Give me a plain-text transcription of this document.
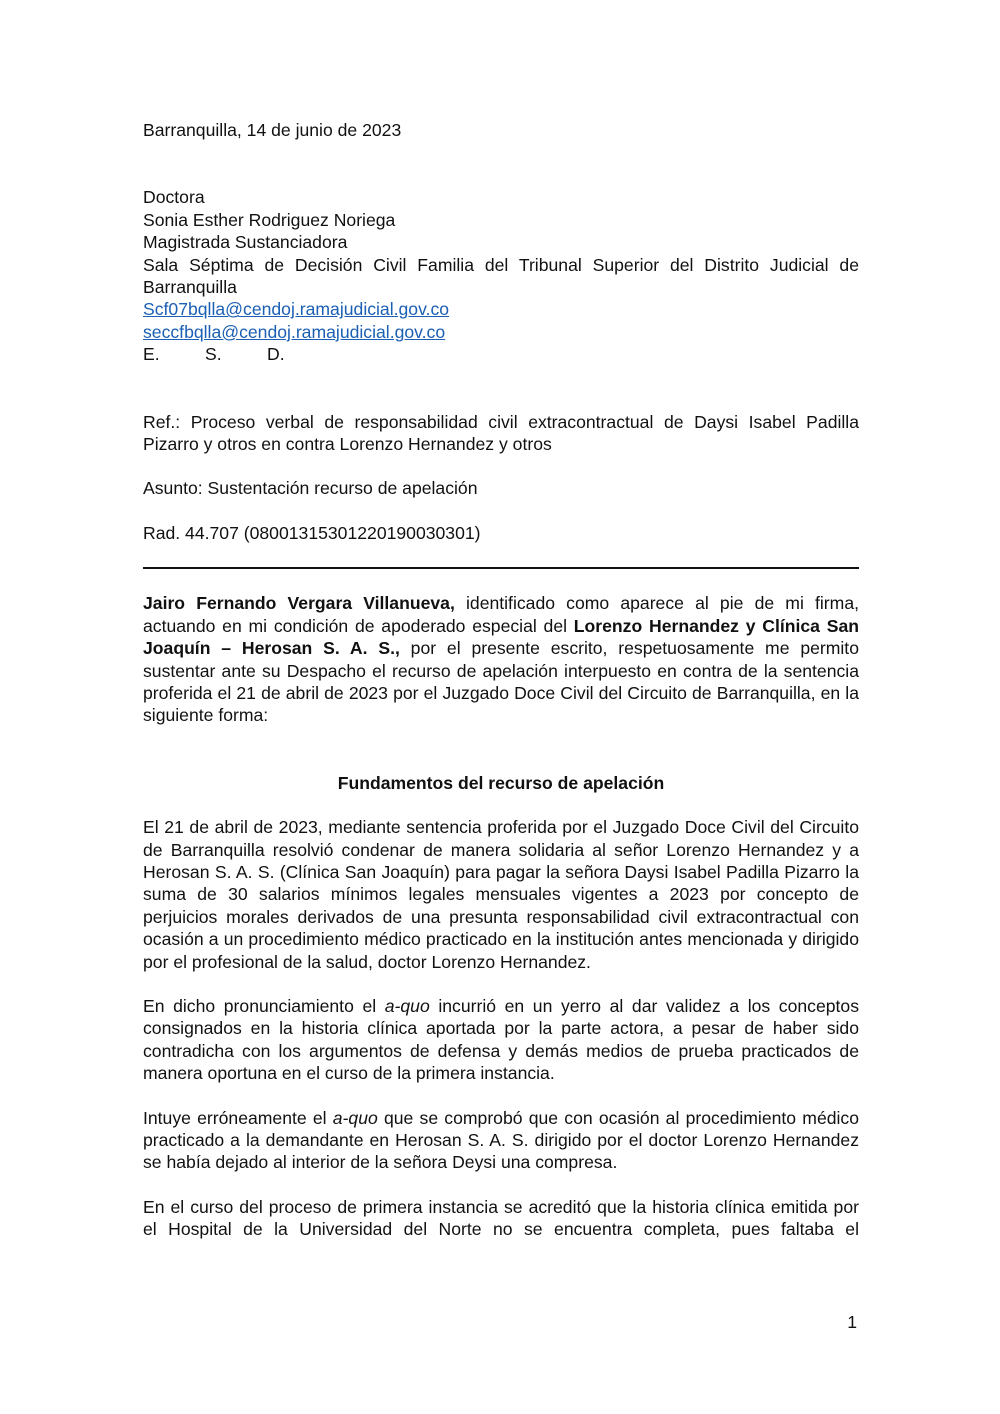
Barranquilla, 14 de junio de 2023
Doctora
Sonia Esther Rodriguez Noriega
Magistrada Sustanciadora
Sala Séptima de Decisión Civil Familia del Tribunal Superior del Distrito Judicial de Barranquilla
Scf07bqlla@cendoj.ramajudicial.gov.co
seccfbqlla@cendoj.ramajudicial.gov.co
E.	S.	D.
Ref.: Proceso verbal de responsabilidad civil extracontractual de Daysi Isabel Padilla Pizarro y otros en contra Lorenzo Hernandez y otros
Asunto: Sustentación recurso de apelación
Rad. 44.707 (08001315301220190030301)
Jairo Fernando Vergara Villanueva, identificado como aparece al pie de mi firma, actuando en mi condición de apoderado especial del Lorenzo Hernandez y Clínica San Joaquín – Herosan S. A. S., por el presente escrito, respetuosamente me permito sustentar ante su Despacho el recurso de apelación interpuesto en contra de la sentencia proferida el 21 de abril de 2023 por el Juzgado Doce Civil del Circuito de Barranquilla, en la siguiente forma:
Fundamentos del recurso de apelación
El 21 de abril de 2023, mediante sentencia proferida por el Juzgado Doce Civil del Circuito de Barranquilla resolvió condenar de manera solidaria al señor Lorenzo Hernandez y a Herosan S. A. S. (Clínica San Joaquín) para pagar la señora Daysi Isabel Padilla Pizarro la suma de 30 salarios mínimos legales mensuales vigentes a 2023 por concepto de perjuicios morales derivados de una presunta responsabilidad civil extracontractual con ocasión a un procedimiento médico practicado en la institución antes mencionada y dirigido por el profesional de la salud, doctor Lorenzo Hernandez.
En dicho pronunciamiento el a-quo incurrió en un yerro al dar validez a los conceptos consignados en la historia clínica aportada por la parte actora, a pesar de haber sido contradicha con los argumentos de defensa y demás medios de prueba practicados de manera oportuna en el curso de la primera instancia.
Intuye erróneamente el a-quo que se comprobó que con ocasión al procedimiento médico practicado a la demandante en Herosan S. A. S. dirigido por el doctor Lorenzo Hernandez se había dejado al interior de la señora Deysi una compresa.
En el curso del proceso de primera instancia se acreditó que la historia clínica emitida por el Hospital de la Universidad del Norte no se encuentra completa, pues faltaba el
1
